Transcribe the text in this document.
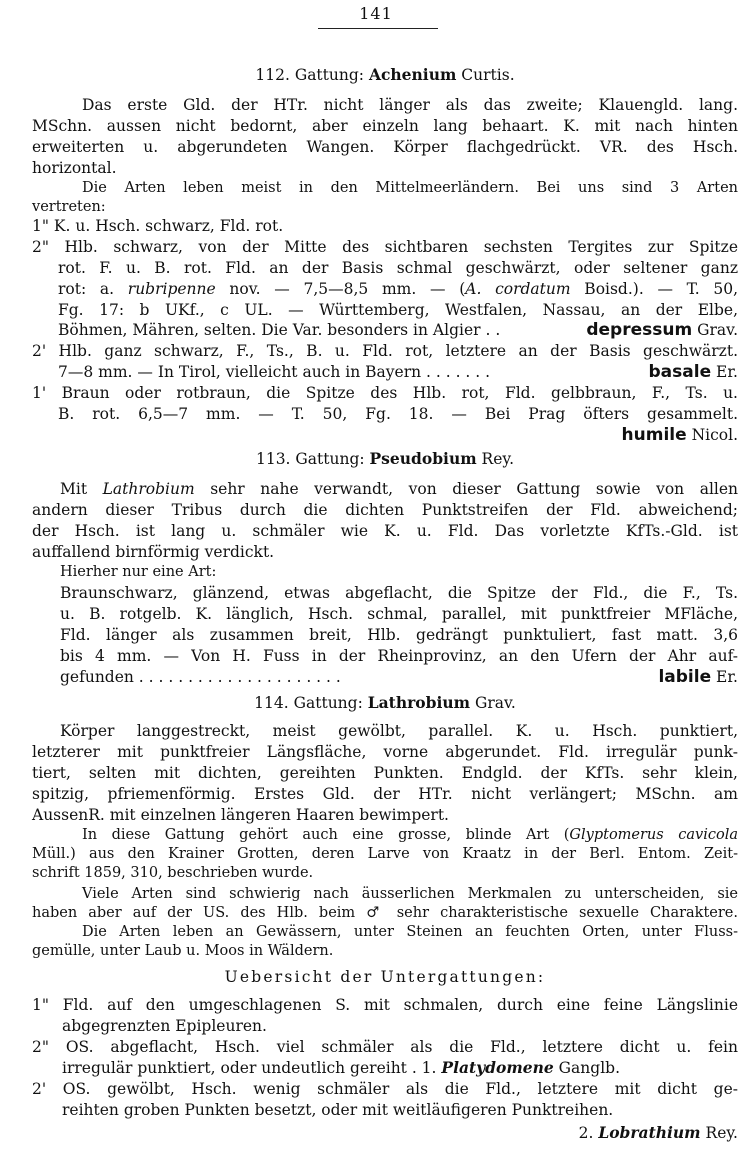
141
112. Gattung: Achenium Curtis.
Das erste Gld. der HTr. nicht länger als das zweite; Klauengld. lang.
MSchn. aussen nicht bedornt, aber einzeln lang behaart. K. mit nach hinten
erweiterten u. abgerundeten Wangen. Körper flachgedrückt. VR. des Hsch.
horizontal.
Die Arten leben meist in den Mittelmeerländern. Bei uns sind 3 Arten
vertreten:
1" K. u. Hsch. schwarz, Fld. rot.
2" Hlb. schwarz, von der Mitte des sichtbaren sechsten Tergites zur Spitze
rot. F. u. B. rot. Fld. an der Basis schmal geschwärzt, oder seltener ganz
rot: a. rubripenne nov. — 7,5—8,5 mm. — (A. cordatum Boisd.). — T. 50,
Fg. 17: b UKf., c UL. — Württemberg, Westfalen, Nassau, an der Elbe,
Böhmen, Mähren, selten. Die Var. besonders in Algier . .	depressum Grav.
2' Hlb. ganz schwarz, F., Ts., B. u. Fld. rot, letztere an der Basis geschwärzt.
7—8 mm. — In Tirol, vielleicht auch in Bayern . . . . . . .	basale Er.
1' Braun oder rotbraun, die Spitze des Hlb. rot, Fld. gelbbraun, F., Ts. u.
B. rot. 6,5—7 mm. — T. 50, Fg. 18. — Bei Prag öfters gesammelt.
humile Nicol.
113. Gattung: Pseudobium Rey.
Mit Lathrobium sehr nahe verwandt, von dieser Gattung sowie von allen
andern dieser Tribus durch die dichten Punktstreifen der Fld. abweichend;
der Hsch. ist lang u. schmäler wie K. u. Fld. Das vorletzte KfTs.-Gld. ist
auffallend birnförmig verdickt.
Hierher nur eine Art:
Braunschwarz, glänzend, etwas abgeflacht, die Spitze der Fld., die F., Ts.
u. B. rotgelb. K. länglich, Hsch. schmal, parallel, mit punktfreier MFläche,
Fld. länger als zusammen breit, Hlb. gedrängt punktuliert, fast matt. 3,6
bis 4 mm. — Von H. Fuss in der Rheinprovinz, an den Ufern der Ahr auf-
gefunden . . . . . . . . . . . . . . . . . . . . .	labile Er.
114. Gattung: Lathrobium Grav.
Körper langgestreckt, meist gewölbt, parallel. K. u. Hsch. punktiert,
letzterer mit punktfreier Längsfläche, vorne abgerundet. Fld. irregulär punk-
tiert, selten mit dichten, gereihten Punkten. Endgld. der KfTs. sehr klein,
spitzig, pfriemenförmig. Erstes Gld. der HTr. nicht verlängert; MSchn. am
AussenR. mit einzelnen längeren Haaren bewimpert.
In diese Gattung gehört auch eine grosse, blinde Art (Glyptomerus cavicola
Müll.) aus den Krainer Grotten, deren Larve von Kraatz in der Berl. Entom. Zeit-
schrift 1859, 310, beschrieben wurde.
Viele Arten sind schwierig nach äusserlichen Merkmalen zu unterscheiden, sie
haben aber auf der US. des Hlb. beim ♂ sehr charakteristische sexuelle Charaktere.
Die Arten leben an Gewässern, unter Steinen an feuchten Orten, unter Fluss-
gemülle, unter Laub u. Moos in Wäldern.
Uebersicht der Untergattungen:
1" Fld. auf den umgeschlagenen S. mit schmalen, durch eine feine Längslinie
abgegrenzten Epipleuren.
2" OS. abgeflacht, Hsch. viel schmäler als die Fld., letztere dicht u. fein
irregulär punktiert, oder undeutlich gereiht . 1. Platydomene Ganglb.
2' OS. gewölbt, Hsch. wenig schmäler als die Fld., letztere mit dicht ge-
reihten groben Punkten besetzt, oder mit weitläufigeren Punktreihen.
2. Lobrathium Rey.
